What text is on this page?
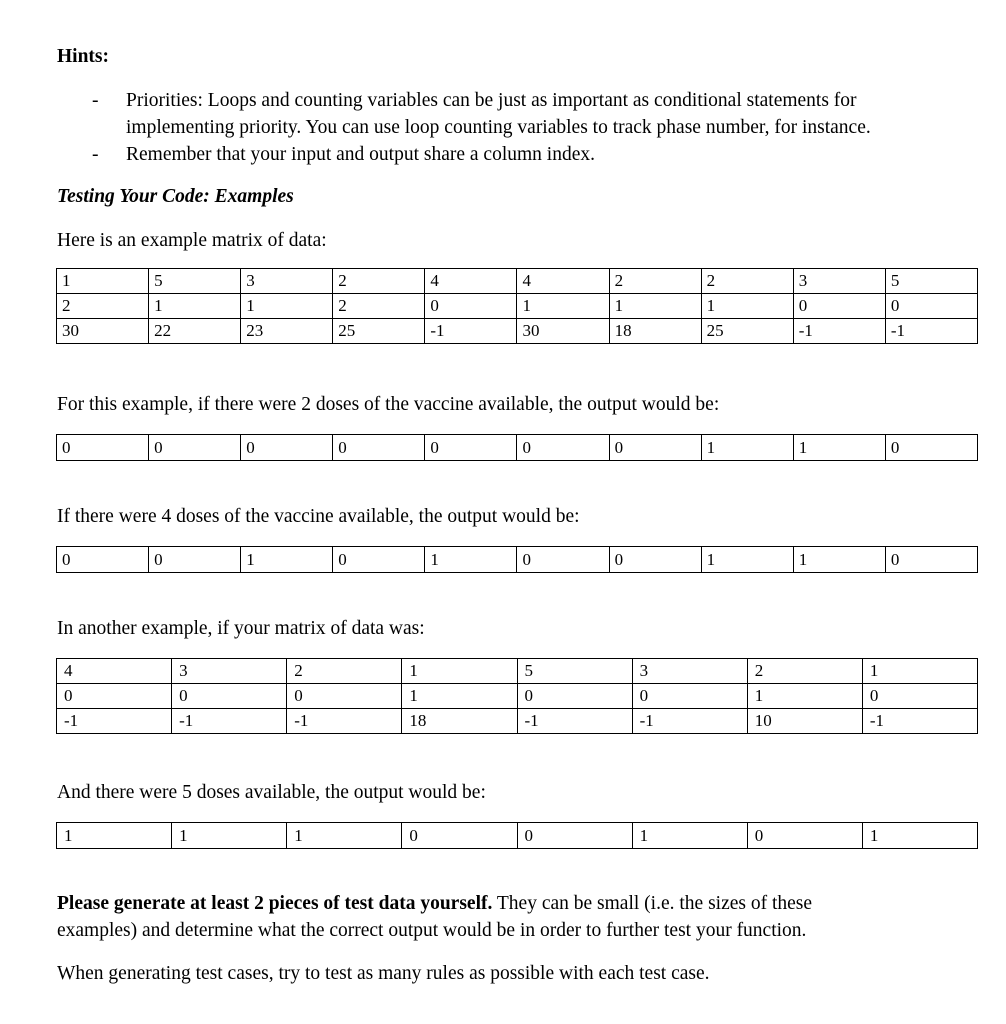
Hints:
- Priorities: Loops and counting variables can be just as important as conditional statements for
implementing priority. You can use loop counting variables to track phase number, for instance.
- Remember that your input and output share a column index.
Testing Your Code: Examples
Here is an example matrix of data:
1	5	3	2	4	4	2	2	3	5
2	1	1	2	0	1	1	1	0	0
30	22	23	25	-1	30	18	25	-1	-1
For this example, if there were 2 doses of the vaccine available, the output would be:
0	0	0	0	0	0	0	1	1	0
If there were 4 doses of the vaccine available, the output would be:
0	0	1	0	1	0	0	1	1	0
In another example, if your matrix of data was:
4	3	2	1	5	3	2	1
0	0	0	1	0	0	1	0
-1	-1	-1	18	-1	-1	10	-1
And there were 5 doses available, the output would be:
1	1	1	0	0	1	0	1
Please generate at least 2 pieces of test data yourself. They can be small (i.e. the sizes of these
examples) and determine what the correct output would be in order to further test your function.
When generating test cases, try to test as many rules as possible with each test case.
